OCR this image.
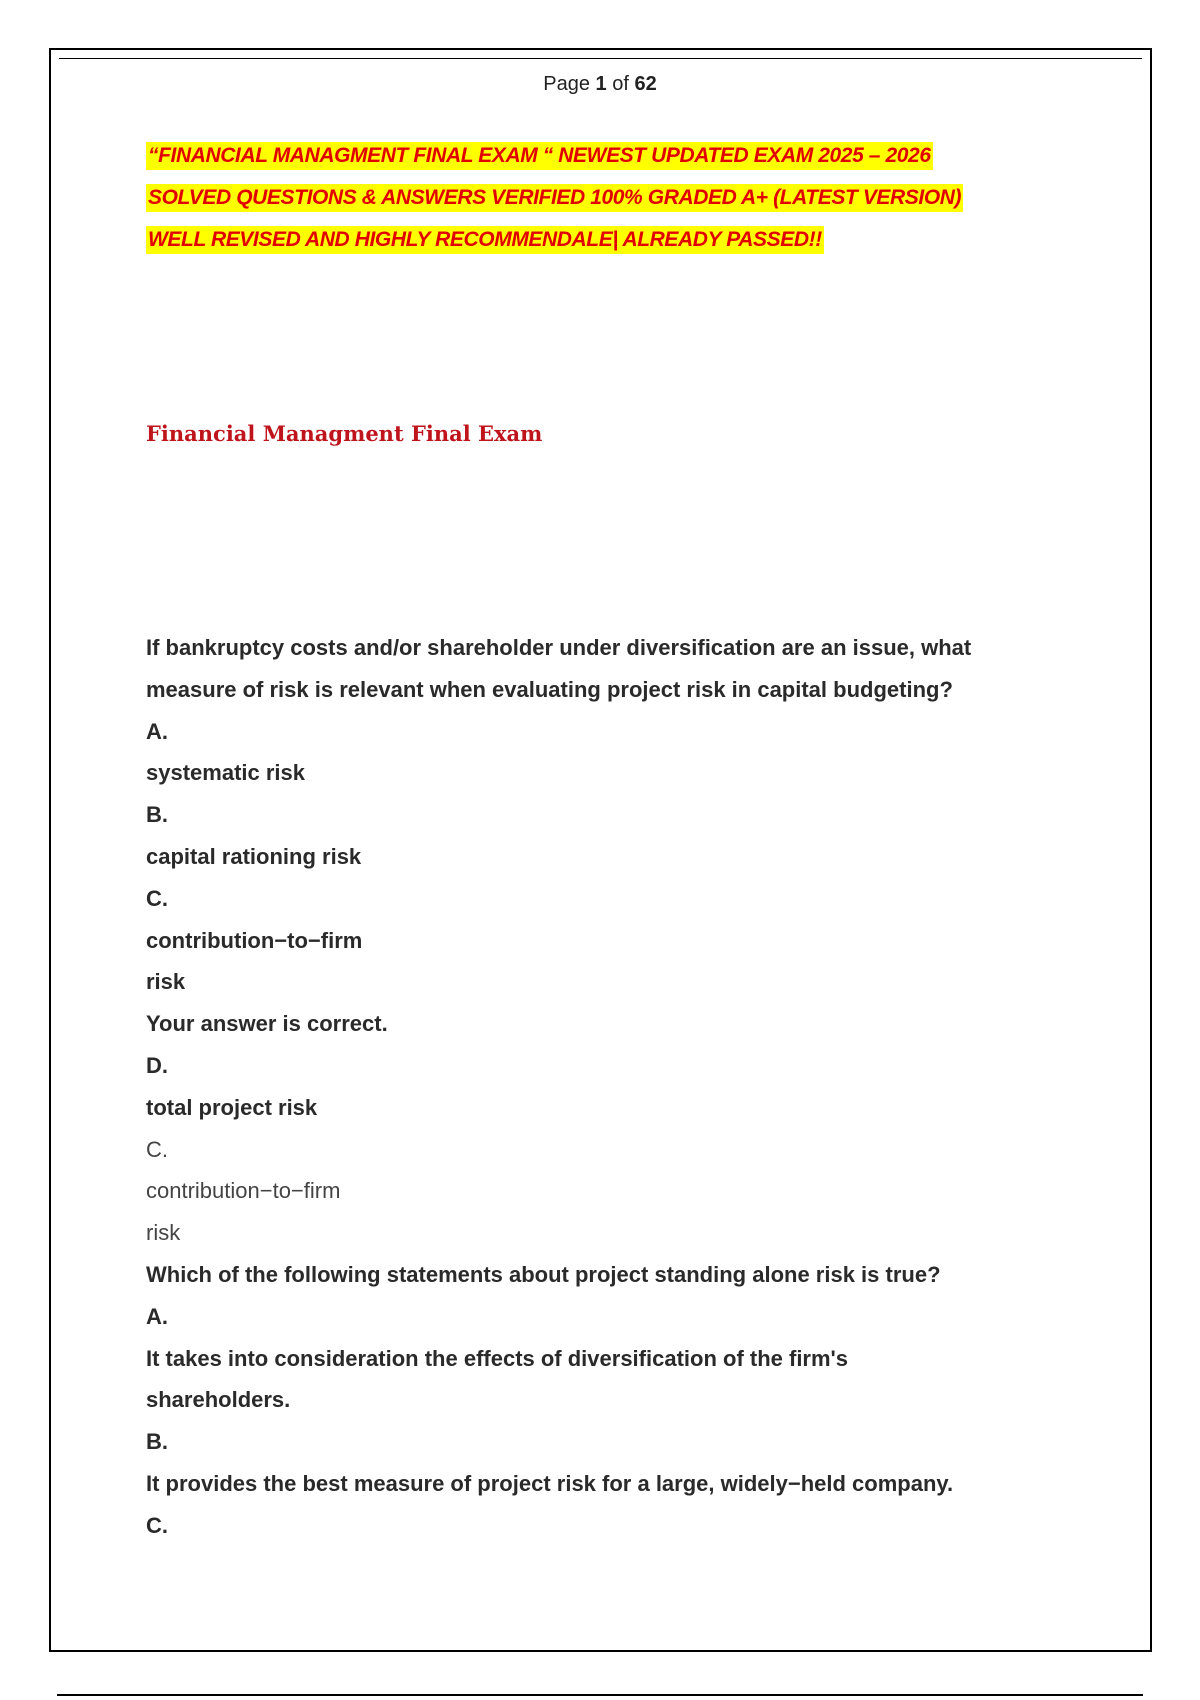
Page 1 of 62
“FINANCIAL MANAGMENT FINAL EXAM “ NEWEST UPDATED EXAM 2025 – 2026
SOLVED QUESTIONS & ANSWERS VERIFIED 100% GRADED A+ (LATEST VERSION)
WELL REVISED AND HIGHLY RECOMMENDALE| ALREADY PASSED!!
Financial Managment Final Exam
If bankruptcy costs and/or shareholder under diversification are an issue, what
measure of risk is relevant when evaluating project risk in capital budgeting?
A.
systematic risk
B.
capital rationing risk
C.
contribution−to−firm
risk
Your answer is correct.
D.
total project risk
C.
contribution−to−firm
risk
Which of the following statements about project standing alone risk is true?
A.
It takes into consideration the effects of diversification of the firm's
shareholders.
B.
It provides the best measure of project risk for a large, widely−held company.
C.
